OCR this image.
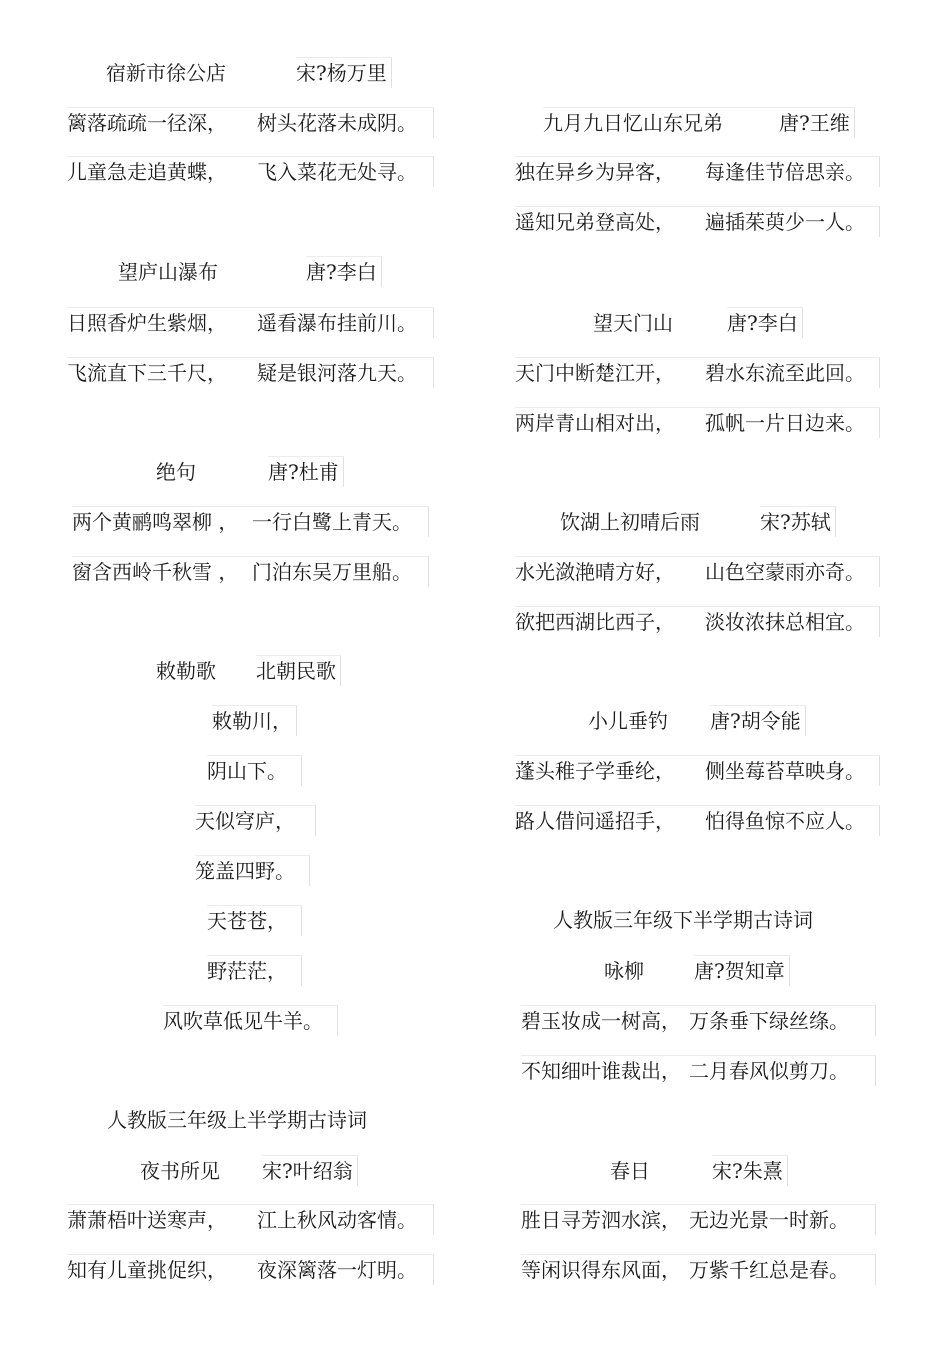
宿新市徐公店	宋?杨万里
篱落疏疏一径深， 树头花落未成阴。
儿童急走追黄蝶， 飞入菜花无处寻。
望庐山瀑布	唐?李白
日照香炉生紫烟， 遥看瀑布挂前川。
飞流直下三千尺， 疑是银河落九天。
绝句	唐?杜甫
两个黄鹂鸣翠柳 ， 一行白鹭上青天。
窗含西岭千秋雪 ， 门泊东吴万里船。
敕勒歌 北朝民歌
敕勒川，
阴山下。
天似穹庐，
笼盖四野。
天苍苍，
野茫茫，
风吹草低见牛羊。
人教版三年级上半学期古诗词
夜书所见 宋?叶绍翁
萧萧梧叶送寒声， 江上秋风动客情。
知有儿童挑促织， 夜深篱落一灯明。
九月九日忆山东兄弟	唐?王维
独在异乡为异客， 每逢佳节倍思亲。
遥知兄弟登高处， 遍插茱萸少一人。
望天门山	唐?李白
天门中断楚江开， 碧水东流至此回。
两岸青山相对出， 孤帆一片日边来。
饮湖上初晴后雨	宋?苏轼
水光潋滟晴方好， 山色空蒙雨亦奇。
欲把西湖比西子， 淡妆浓抹总相宜。
小儿垂钓 唐?胡令能
蓬头稚子学垂纶， 侧坐莓苔草映身。
路人借问遥招手， 怕得鱼惊不应人。
人教版三年级下半学期古诗词
咏柳	唐?贺知章
碧玉妆成一树高， 万条垂下绿丝绦。
不知细叶谁裁出， 二月春风似剪刀。
春日	宋?朱熹
胜日寻芳泗水滨， 无边光景一时新。
等闲识得东风面， 万紫千红总是春。
